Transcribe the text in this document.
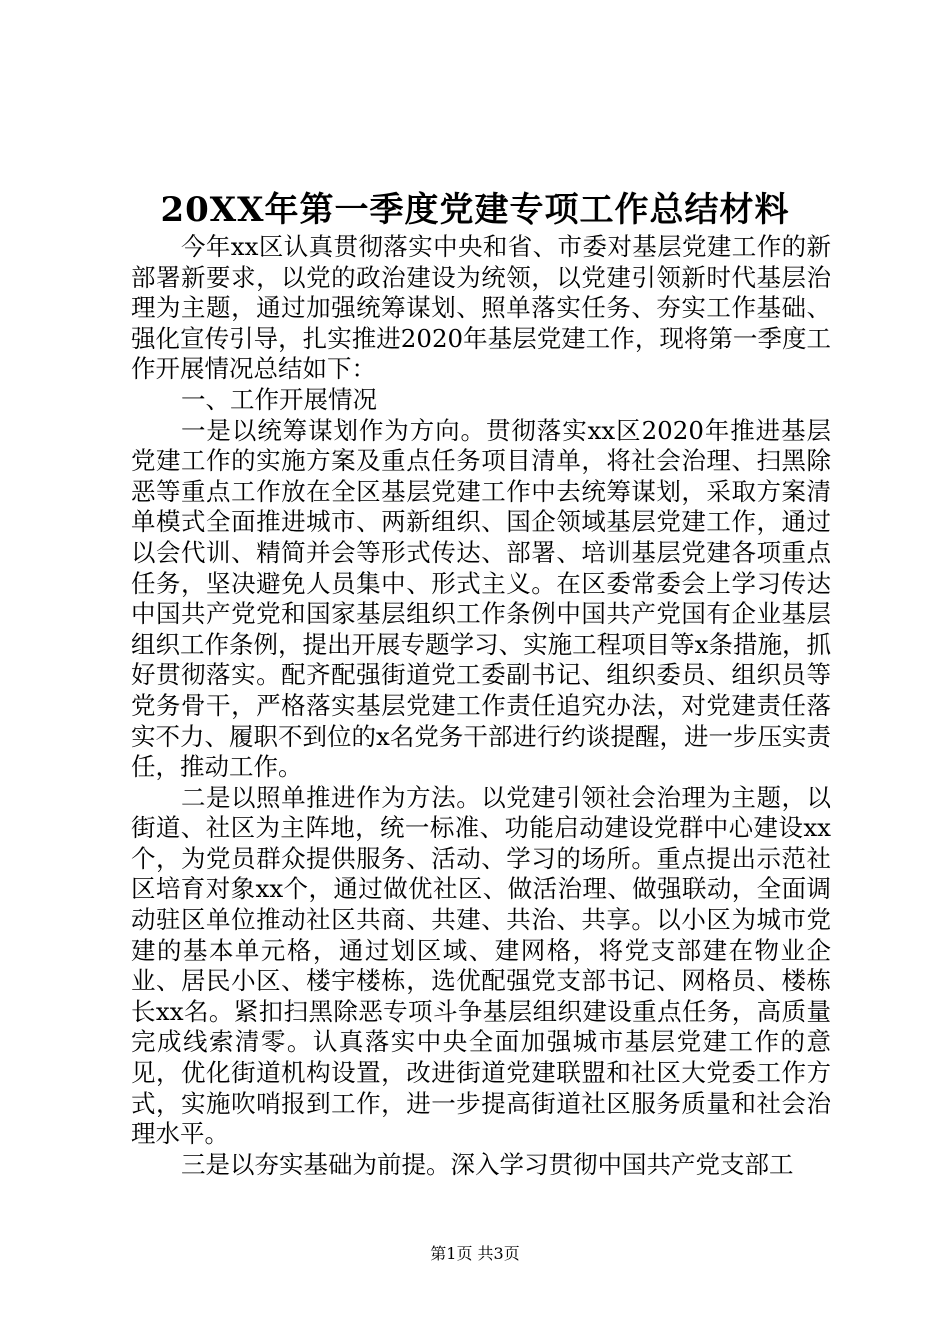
20XX年第一季度党建专项工作总结材料

今年xx区认真贯彻落实中央和省、市委对基层党建工作的新部署新要求，以党的政治建设为统领，以党建引领新时代基层治理为主题，通过加强统筹谋划、照单落实任务、夯实工作基础、强化宣传引导，扎实推进2020年基层党建工作，现将第一季度工作开展情况总结如下：

一、工作开展情况

一是以统筹谋划作为方向。贯彻落实xx区2020年推进基层党建工作的实施方案及重点任务项目清单，将社会治理、扫黑除恶等重点工作放在全区基层党建工作中去统筹谋划，采取方案清单模式全面推进城市、两新组织、国企领域基层党建工作，通过以会代训、精简并会等形式传达、部署、培训基层党建各项重点任务，坚决避免人员集中、形式主义。在区委常委会上学习传达中国共产党党和国家基层组织工作条例中国共产党国有企业基层组织工作条例，提出开展专题学习、实施工程项目等x条措施，抓好贯彻落实。配齐配强街道党工委副书记、组织委员、组织员等党务骨干，严格落实基层党建工作责任追究办法，对党建责任落实不力、履职不到位的x名党务干部进行约谈提醒，进一步压实责任，推动工作。

二是以照单推进作为方法。以党建引领社会治理为主题，以街道、社区为主阵地，统一标准、功能启动建设党群中心建设xx个，为党员群众提供服务、活动、学习的场所。重点提出示范社区培育对象xx个，通过做优社区、做活治理、做强联动，全面调动驻区单位推动社区共商、共建、共治、共享。以小区为城市党建的基本单元格，通过划区域、建网格，将党支部建在物业企业、居民小区、楼宇楼栋，选优配强党支部书记、网格员、楼栋长xx名。紧扣扫黑除恶专项斗争基层组织建设重点任务，高质量完成线索清零。认真落实中央全面加强城市基层党建工作的意见，优化街道机构设置，改进街道党建联盟和社区大党委工作方式，实施吹哨报到工作，进一步提高街道社区服务质量和社会治理水平。

三是以夯实基础为前提。深入学习贯彻中国共产党支部工

第1页 共3页
